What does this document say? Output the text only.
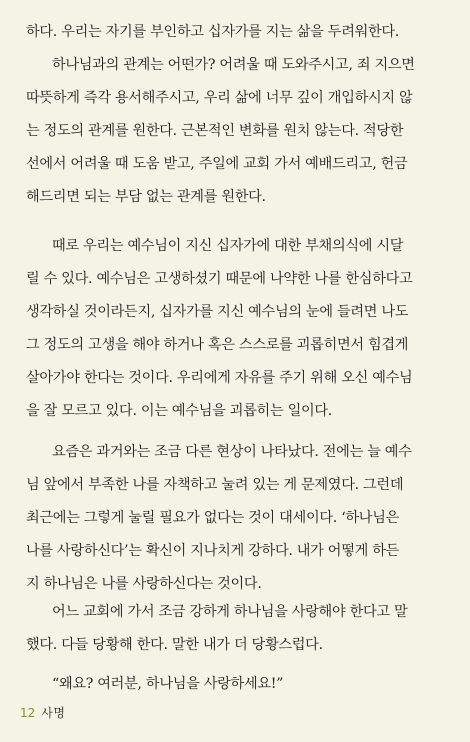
하다. 우리는 자기를 부인하고 십자가를 지는 삶을 두려워한다.
하나님과의 관계는 어떤가? 어려울 때 도와주시고, 죄 지으면
따뜻하게 즉각 용서해주시고, 우리 삶에 너무 깊이 개입하시지 않
는 정도의 관계를 원한다. 근본적인 변화를 원치 않는다. 적당한
선에서 어려울 때 도움 받고, 주일에 교회 가서 예배드리고, 헌금
해드리면 되는 부담 없는 관계를 원한다.
때로 우리는 예수님이 지신 십자가에 대한 부채의식에 시달
릴 수 있다. 예수님은 고생하셨기 때문에 나약한 나를 한심하다고
생각하실 것이라든지, 십자가를 지신 예수님의 눈에 들려면 나도
그 정도의 고생을 해야 하거나 혹은 스스로를 괴롭히면서 힘겹게
살아가야 한다는 것이다. 우리에게 자유를 주기 위해 오신 예수님
을 잘 모르고 있다. 이는 예수님을 괴롭히는 일이다.
요즘은 과거와는 조금 다른 현상이 나타났다. 전에는 늘 예수
님 앞에서 부족한 나를 자책하고 눌려 있는 게 문제였다. 그런데
최근에는 그렇게 눌릴 필요가 없다는 것이 대세이다. ‘하나님은
나를 사랑하신다’는 확신이 지나치게 강하다. 내가 어떻게 하든
지 하나님은 나를 사랑하신다는 것이다.
어느 교회에 가서 조금 강하게 하나님을 사랑해야 한다고 말
했다. 다들 당황해 한다. 말한 내가 더 당황스럽다.
“왜요? 여러분, 하나님을 사랑하세요!”
12 사명
